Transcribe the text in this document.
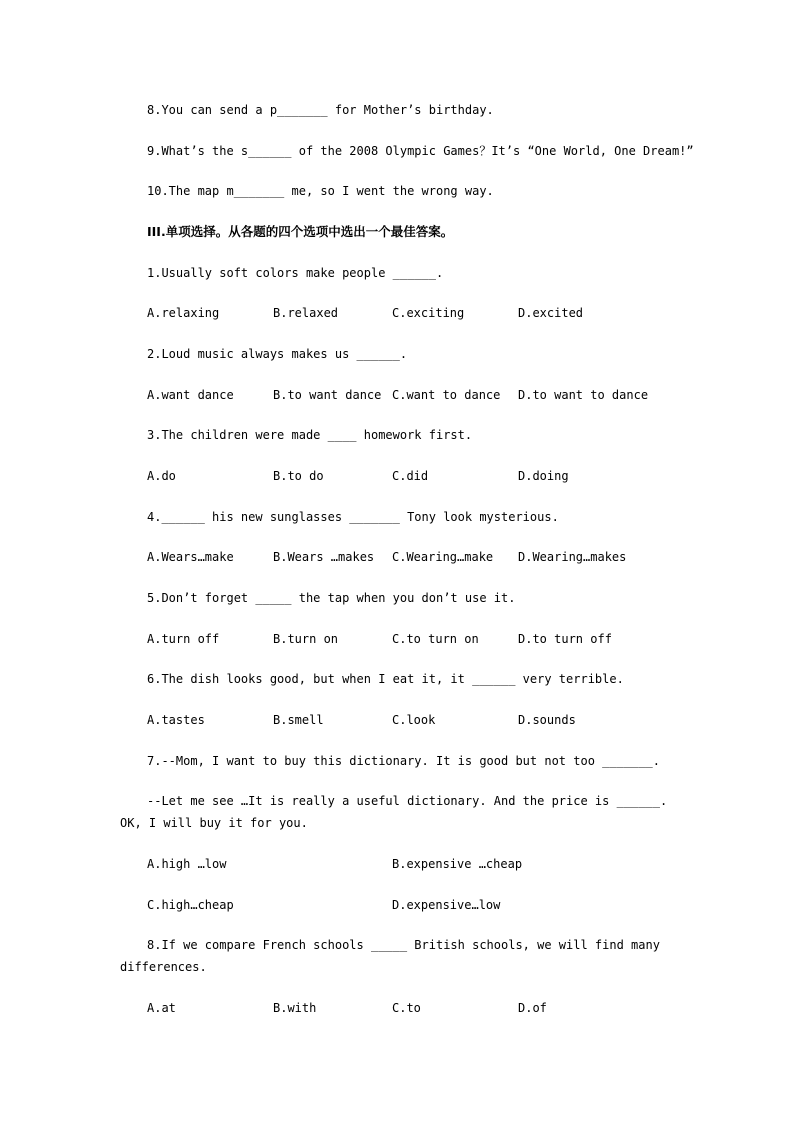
8.You can send a p_______ for Mother’s birthday.
9.What’s the s______ of the 2008 Olympic Games？It’s “One World, One Dream!”
10.The map m_______ me, so I went the wrong way.
III.单项选择。从各题的四个选项中选出一个最佳答案。
1.Usually soft colors make people ______.
A.relaxing	B.relaxed	C.exciting	D.excited
2.Loud music always makes us ______.
A.want dance	B.to want dance C.want to dance D.to want to dance
3.The children were made ____ homework first.
A.do	B.to do	C.did	D.doing
4.______ his new sunglasses _______ Tony look mysterious.
A.Wears…make	B.Wears …makes C.Wearing…make D.Wearing…makes
5.Don’t forget _____ the tap when you don’t use it.
A.turn off	B.turn on	C.to turn on	D.to turn off
6.The dish looks good, but when I eat it, it ______ very terrible.
A.tastes	B.smell	C.look	D.sounds
7.--Mom, I want to buy this dictionary. It is good but not too _______.
--Let me see …It is really a useful dictionary. And the price is ______. OK, I will buy it for you.
A.high …low	B.expensive …cheap
C.high…cheap	D.expensive…low
8.If we compare French schools _____ British schools, we will find many differences.
A.at	B.with	C.to	D.of
